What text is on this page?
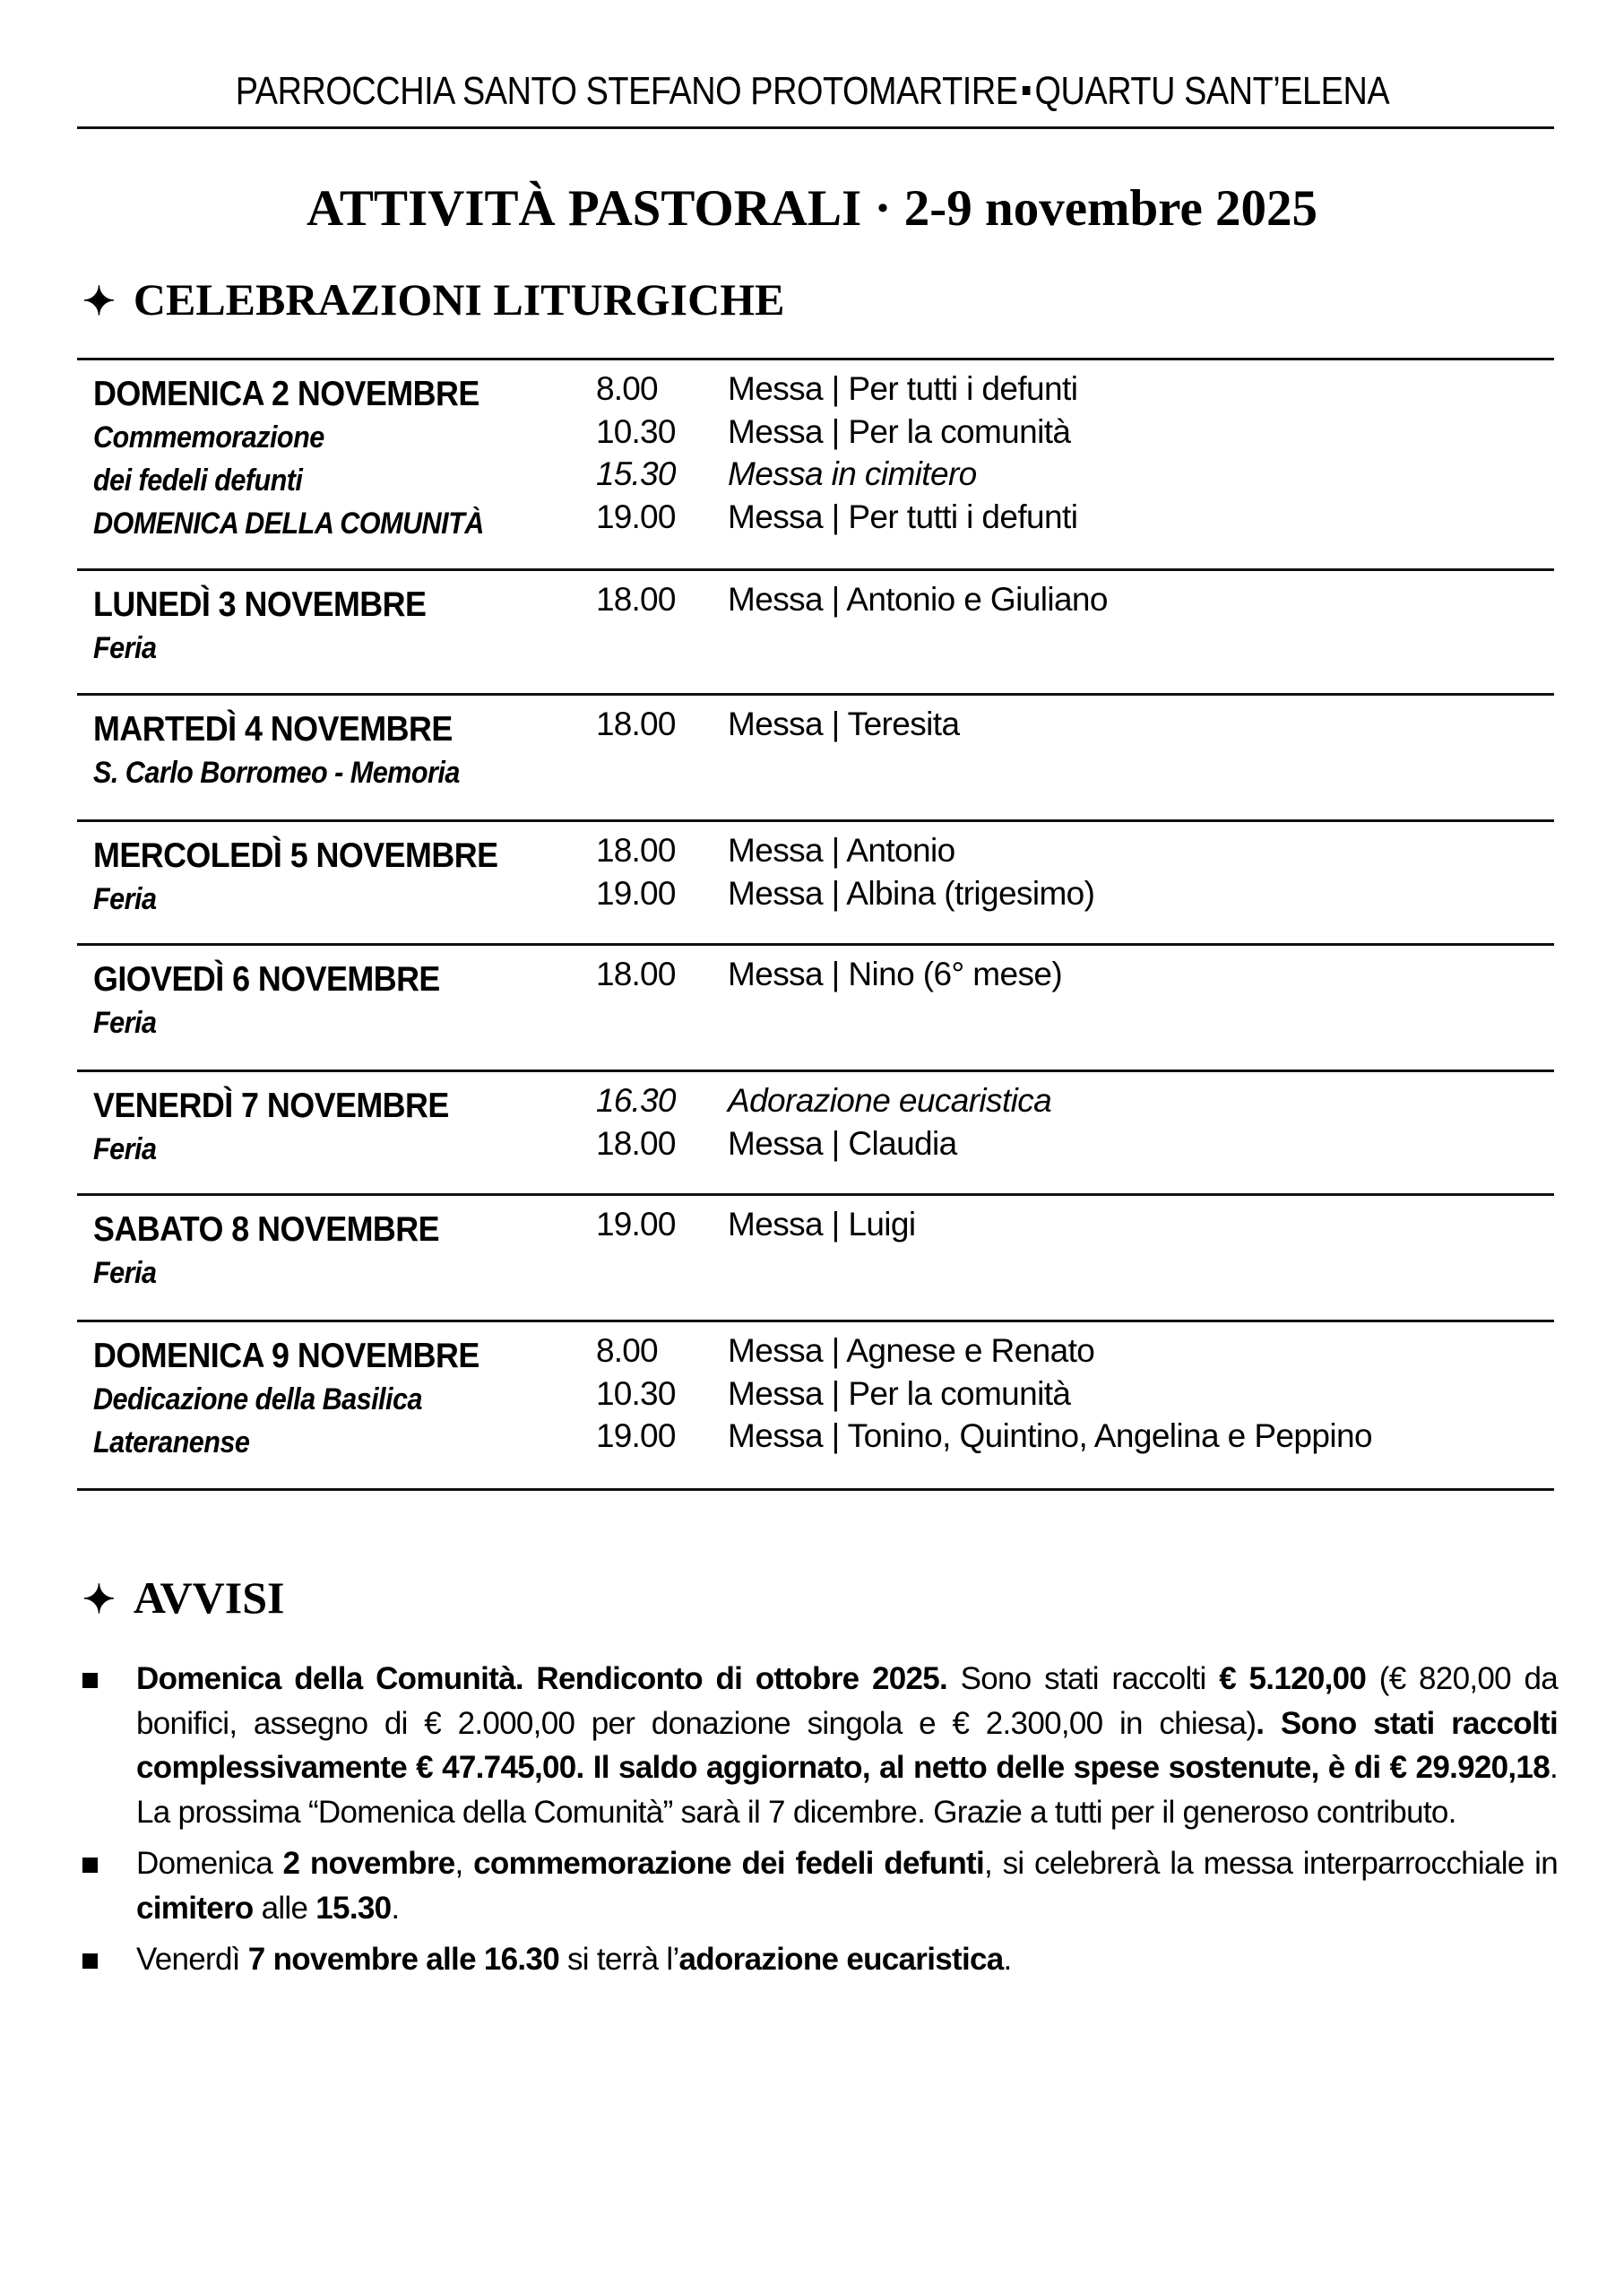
PARROCCHIA SANTO STEFANO PROTOMARTIRE QUARTU SANT’ELENA
ATTIVITÀ PASTORALI · 2-9 novembre 2025
✦ CELEBRAZIONI LITURGICHE
DOMENICA 2 NOVEMBRE
Commemorazione
dei fedeli defunti
DOMENICA DELLA COMUNITÀ
8.00 Messa | Per tutti i defunti
10.30 Messa | Per la comunità
15.30 Messa in cimitero
19.00 Messa | Per tutti i defunti
LUNEDÌ 3 NOVEMBRE
Feria
18.00 Messa | Antonio e Giuliano
MARTEDÌ 4 NOVEMBRE
S. Carlo Borromeo - Memoria
18.00 Messa | Teresita
MERCOLEDÌ 5 NOVEMBRE
Feria
18.00 Messa | Antonio
19.00 Messa | Albina (trigesimo)
GIOVEDÌ 6 NOVEMBRE
Feria
18.00 Messa | Nino (6° mese)
VENERDÌ 7 NOVEMBRE
Feria
16.30 Adorazione eucaristica
18.00 Messa | Claudia
SABATO 8 NOVEMBRE
Feria
19.00 Messa | Luigi
DOMENICA 9 NOVEMBRE
Dedicazione della Basilica
Lateranense
8.00 Messa | Agnese e Renato
10.30 Messa | Per la comunità
19.00 Messa | Tonino, Quintino, Angelina e Peppino
✦ AVVISI
Domenica della Comunità. Rendiconto di ottobre 2025. Sono stati raccolti € 5.120,00 (€ 820,00 da bonifici, assegno di € 2.000,00 per donazione singola e € 2.300,00 in chiesa). Sono stati raccolti complessivamente € 47.745,00. Il saldo aggiornato, al netto delle spese sostenute, è di € 29.920,18. La prossima “Domenica della Comunità” sarà il 7 dicembre. Grazie a tutti per il generoso contributo.
Domenica 2 novembre, commemorazione dei fedeli defunti, si celebrerà la messa interparrocchiale in cimitero alle 15.30.
Venerdì 7 novembre alle 16.30 si terrà l’adorazione eucaristica.
